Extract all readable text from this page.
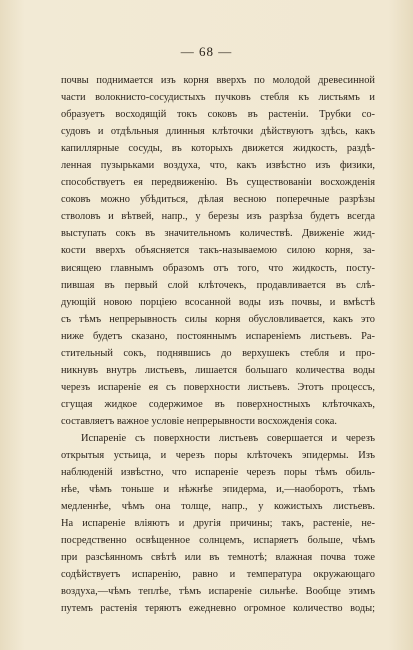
— 68 —
почвы поднимается изъ корня вверхъ по молодой древесинной
части волокнисто-сосудистыхъ пучковъ стебля къ листьямъ и
образуетъ восходящій токъ соковъ въ растеніи. Трубки со-
судовъ и отдѣльныя длинныя клѣточки дѣйствуютъ здѣсь, какъ
капиллярные сосуды, въ которыхъ движется жидкость, раздѣ-
ленная пузырьками воздуха, что, какъ извѣстно изъ физики,
способствуетъ ея передвиженію. Въ существованіи восхожденія
соковъ можно убѣдиться, дѣлая весною поперечные разрѣзы
стволовъ и вѣтвей, напр., у березы изъ разрѣза будетъ всегда
выступать сокъ въ значительномъ количествѣ. Движеніе жид-
кости вверхъ объясняется такъ-называемою силою корня, за-
висящею главнымъ образомъ отъ того, что жидкость, посту-
пившая въ первый слой клѣточекъ, продавливается въ слѣ-
дующій новою порціею всосанной воды изъ почвы, и вмѣстѣ
съ тѣмъ непрерывность силы корня обусловливается, какъ это
ниже будетъ сказано, постояннымъ испареніемъ листьевъ. Ра-
стительный сокъ, поднявшись до верхушекъ стебля и про-
никнувъ внутрь листьевъ, лишается большаго количества воды
черезъ испареніе ея съ поверхности листьевъ. Этотъ процессъ,
сгущая жидкое содержимое въ поверхностныхъ клѣточкахъ,
составляетъ важное условіе непрерывности восхожденія сока.
Испареніе съ поверхности листьевъ совершается и черезъ
открытыя устьица, и черезъ поры клѣточекъ эпидермы. Изъ
наблюденій извѣстно, что испареніе черезъ поры тѣмъ обиль-
нѣе, чѣмъ тоньше и нѣжнѣе эпидерма, и,—наоборотъ, тѣмъ
медленнѣе, чѣмъ она толще, напр., у кожистыхъ листьевъ.
На испареніе вліяютъ и другія причины; такъ, растеніе, не-
посредственно освѣщенное солнцемъ, испаряетъ больше, чѣмъ
при разсѣянномъ свѣтѣ или въ темнотѣ; влажная почва тоже
содѣйствуетъ испаренію, равно и температура окружающаго
воздуха,—чѣмъ теплѣе, тѣмъ испареніе сильнѣе. Вообще этимъ
путемъ растенія теряютъ ежедневно огромное количество воды;
